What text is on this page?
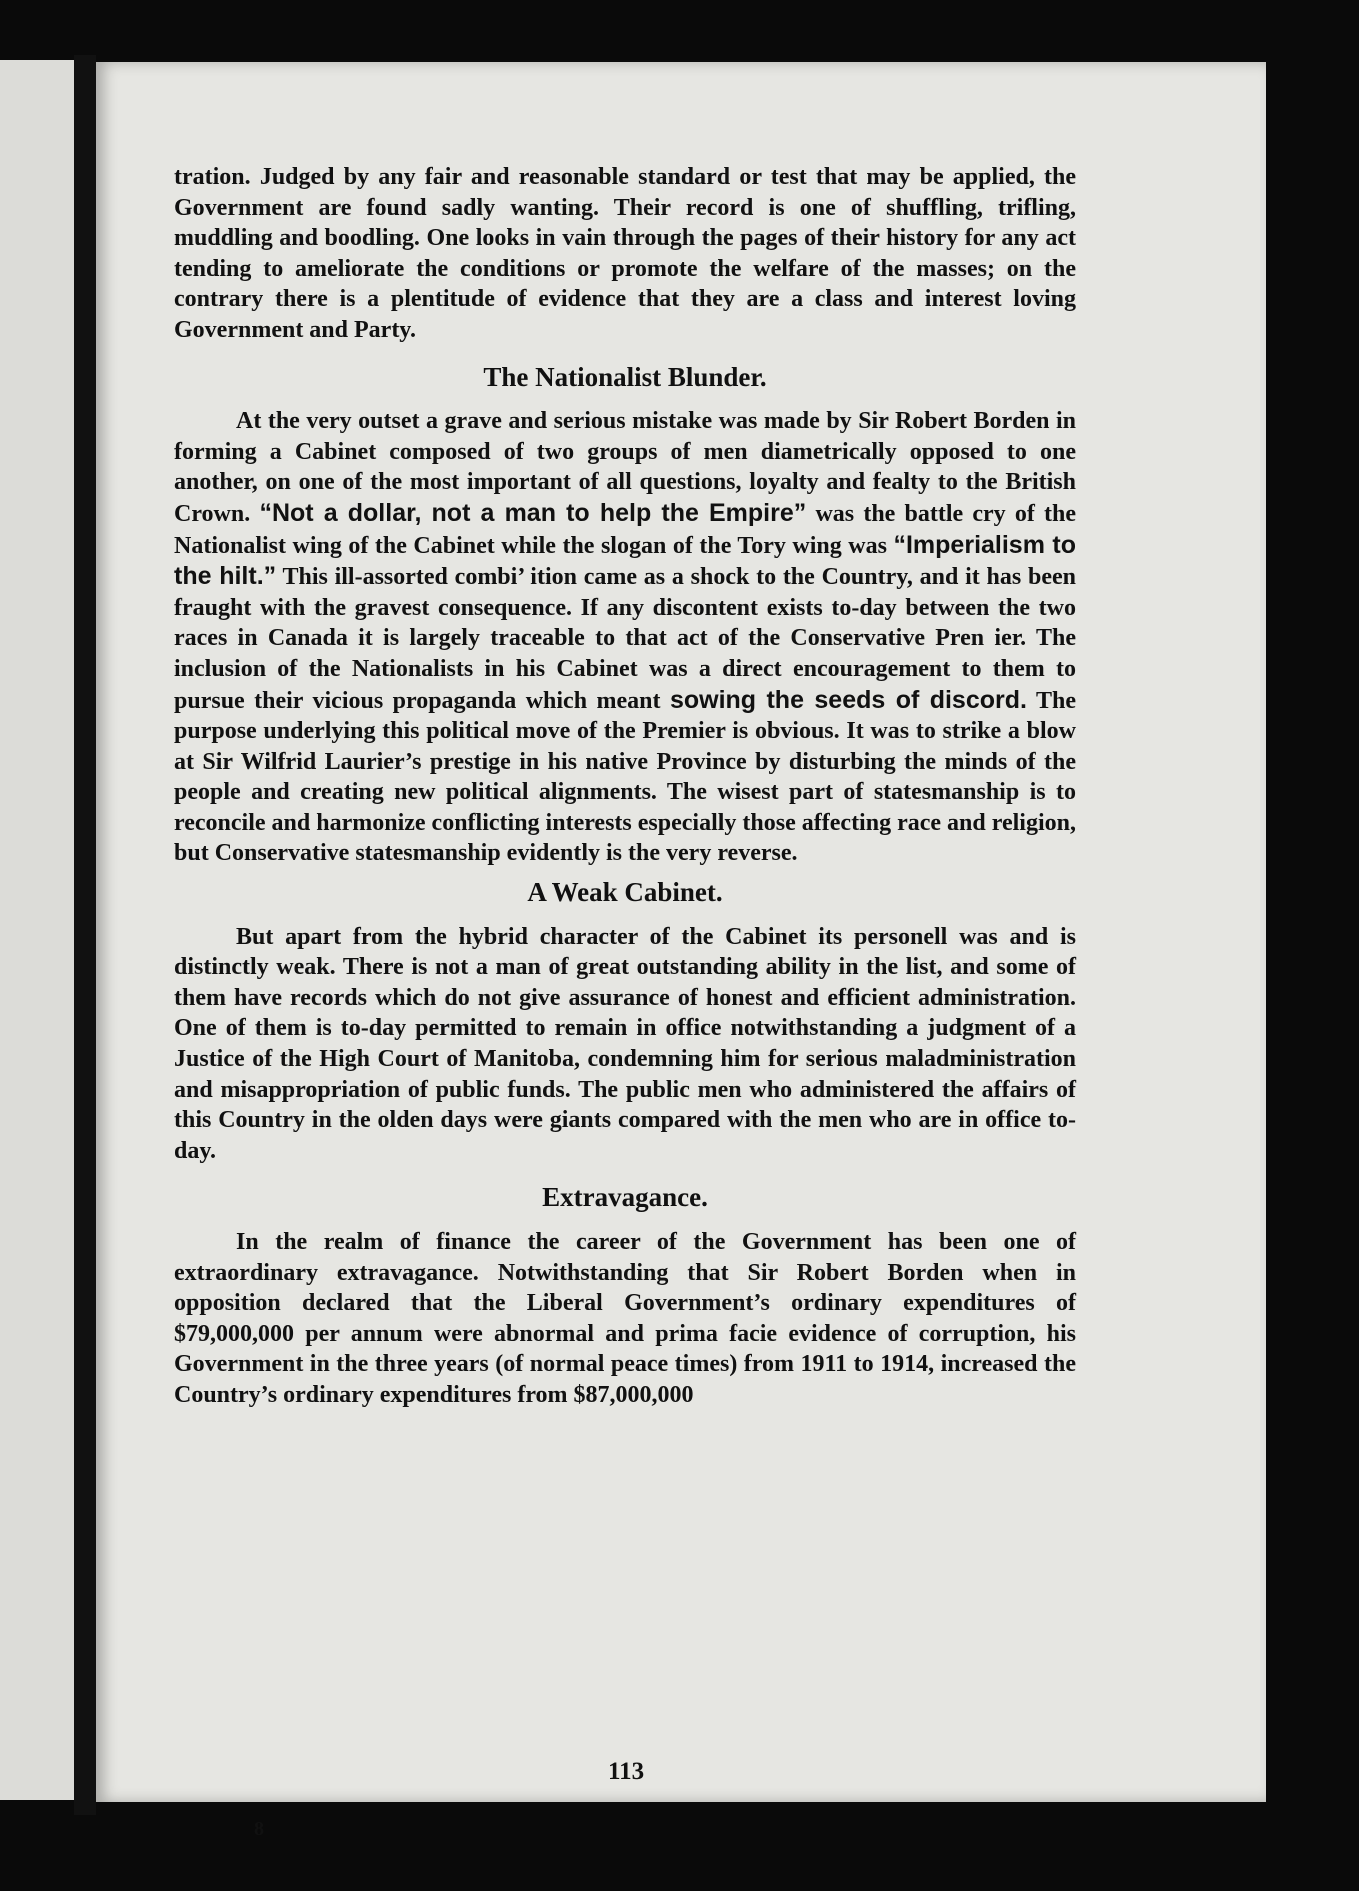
tration. Judged by any fair and reasonable standard or test that may be applied, the Government are found sadly wanting. Their record is one of shuffling, trifling, muddling and boodling. One looks in vain through the pages of their history for any act tending to ameliorate the conditions or promote the welfare of the masses; on the contrary there is a plentitude of evidence that they are a class and interest loving Government and Party.

The Nationalist Blunder.

At the very outset a grave and serious mistake was made by Sir Robert Borden in forming a Cabinet composed of two groups of men diametrically opposed to one another, on one of the most important of all questions, loyalty and fealty to the British Crown. “Not a dollar, not a man to help the Empire” was the battle cry of the Nationalist wing of the Cabinet while the slogan of the Tory wing was “Imperialism to the hilt.” This ill-assorted combi’ ition came as a shock to the Country, and it has been fraught with the gravest consequence. If any discontent exists to-day between the two races in Canada it is largely traceable to that act of the Conservative Pren ier. The inclusion of the Nationalists in his Cabinet was a direct encouragement to them to pursue their vicious propaganda which meant sowing the seeds of discord. The purpose underlying this political move of the Premier is obvious. It was to strike a blow at Sir Wilfrid Laurier’s prestige in his native Province by disturbing the minds of the people and creating new political alignments. The wisest part of statesmanship is to reconcile and harmonize conflicting interests especially those affecting race and religion, but Conservative statesmanship evidently is the very reverse.

A Weak Cabinet.

But apart from the hybrid character of the Cabinet its personell was and is distinctly weak. There is not a man of great outstanding ability in the list, and some of them have records which do not give assurance of honest and efficient administration. One of them is to-day permitted to remain in office notwithstanding a judgment of a Justice of the High Court of Manitoba, condemning him for serious maladministration and misappropriation of public funds. The public men who administered the affairs of this Country in the olden days were giants compared with the men who are in office to-day.

Extravagance.

In the realm of finance the career of the Government has been one of extraordinary extravagance. Notwithstanding that Sir Robert Borden when in opposition declared that the Liberal Government’s ordinary expenditures of $79,000,000 per annum were abnormal and prima facie evidence of corruption, his Government in the three years (of normal peace times) from 1911 to 1914, increased the Country’s ordinary expenditures from $87,000,000

113
8
